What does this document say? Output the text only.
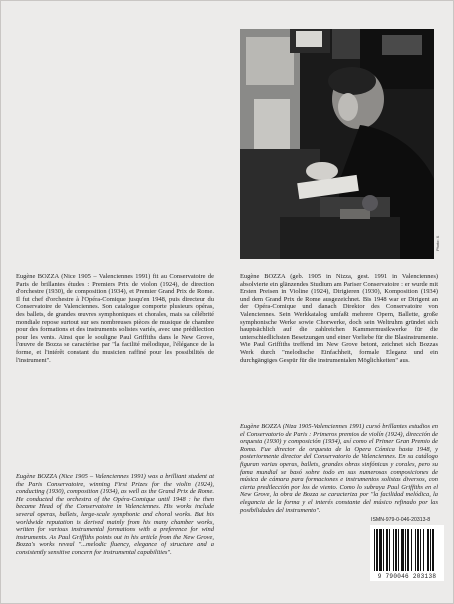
Photo: X

Eugène BOZZA (Nice 1905 – Valenciennes 1991) fit au Conservatoire de Paris de brillantes études : Premiers Prix de violon (1924), de direction d'orchestre (1930), de composition (1934), et Premier Grand Prix de Rome. Il fut chef d'orchestre à l'Opéra-Comique jusqu'en 1948, puis directeur du Conservatoire de Valenciennes. Son catalogue comporte plusieurs opéras, des ballets, de grandes œuvres symphoniques et chorales, mais sa célébrité mondiale repose surtout sur ses nombreuses pièces de musique de chambre pour des formations et des instruments solistes variés, avec une prédilection pour les vents. Ainsi que le souligne Paul Griffiths dans le New Grove, l'œuvre de Bozza se caractérise par "la facilité mélodique, l'élégance de la forme, et l'intérêt constant du musicien raffiné pour les possibilités de l'instrument".

Eugène BOZZA (geb. 1905 in Nizza, gest. 1991 in Valenciennes) absolvierte ein glänzendes Studium am Pariser Conservatoire : er wurde mit Ersten Preisen in Violine (1924), Dirigieren (1930), Komposition (1934) und dem Grand Prix de Rome ausgezeichnet. Bis 1948 war er Dirigent an der Opéra-Comique und danach Direktor des Conservatoire von Valenciennes. Sein Werkkatalog umfaßt mehrere Opern, Ballette, große symphonische Werke sowie Chorwerke, doch sein Weltruhm gründet sich hauptsächlich auf die zahlreichen Kammermusikwerke für die unterschiedlichsten Besetzungen und einer Vorliebe für die Blasinstrumente. Wie Paul Griffiths treffend im New Grove betont, zeichnet sich Bozzas Werk durch "melodische Einfachheit, formale Eleganz und ein durchgängiges Gespür für die instrumentalen Möglichkeiten" aus.

Eugène BOZZA (Nice 1905 – Valenciennes 1991) was a brilliant student at the Paris Conservatoire, winning First Prizes for the violin (1924), conducting (1930), composition (1934), as well as the Grand Prix de Rome. He conducted the orchestra of the Opéra-Comique until 1948 : he then became Head of the Conservatoire in Valenciennes. His works include several operas, ballets, large-scale symphonic and choral works. But his worldwide reputation is derived mainly from his many chamber works, written for various instrumental formations with a preference for wind instruments. As Paul Griffiths points out in his article from the New Grove, Bozza's works reveal "...melodic fluency, elegance of structure and a consistently sensitive concern for instrumental capabilities".

Eugène BOZZA (Niza 1905-Valenciennes 1991) cursó brillantes estudios en el Conservatorio de Paris : Primeros premios de violín (1924), dirección de orquesta (1930) y composición (1934), así como el Primer Gran Premio de Roma. Fue director de orquesta de la Opera Cómica hasta 1948, y posteriormente director del Conservatorio de Valenciennes. En su catálogo figuran varias operas, ballets, grandes obras sinfónicas y corales, pero su fama mundial se basó sobre todo en sus numerosas composiciones de música de cámara para formaciones e instrumentos solistas diversos, con cierta predilección por los de viento. Como lo subraya Paul Griffiths en el New Grove, la obra de Bozza se caracteriza por "la facilidad melódica, la elegancia de la forma y el interés constante del músico refinado por las posibilidades del instrumento".

ISMN-979-0-046-20313-8
9 790046 203138
